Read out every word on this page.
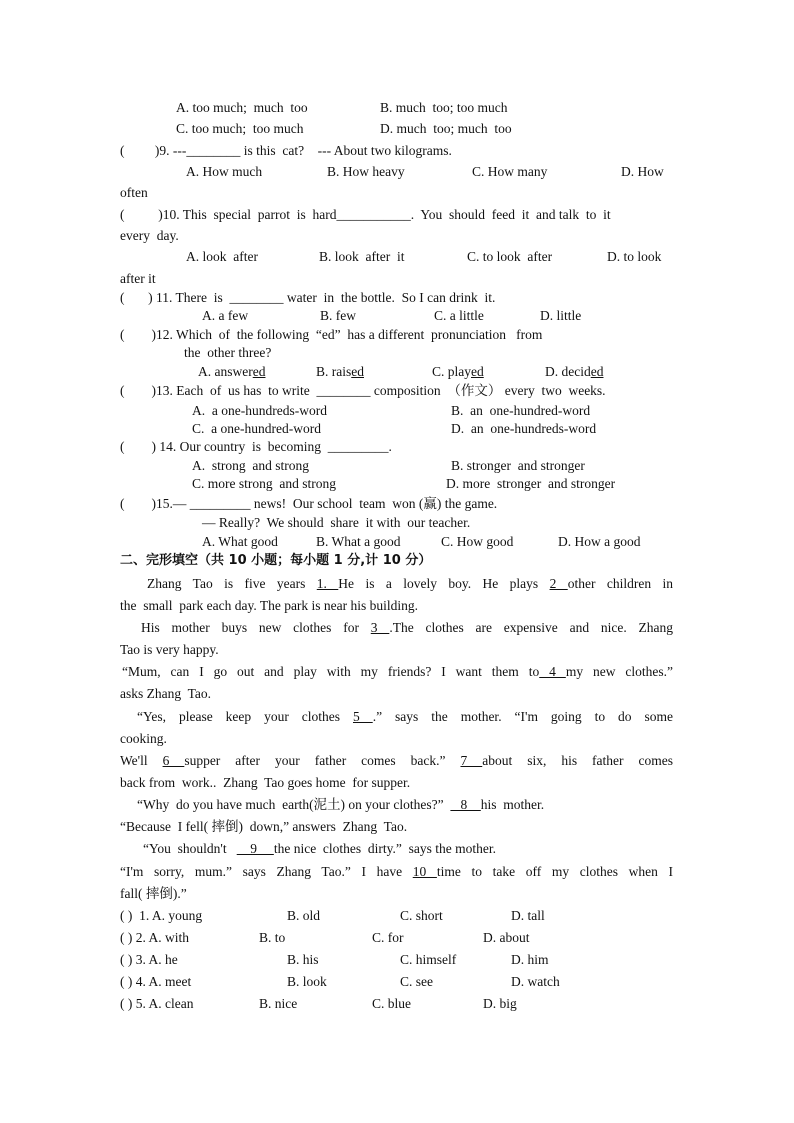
A. too much;  much  too	B. much  too; too much
C. too much;  too much	D. much  too; much  too
(         )9. ---________ is this  cat?    --- About two kilograms.
A. How much	B. How heavy	C. How many	D. How
often
(          )10. This  special  parrot  is  hard___________.  You  should  feed  it  and talk  to  it
every  day.
A. look  after	B. look  after  it	C. to look  after	D. to look
after it
(       ) 11. There  is  ________ water  in  the bottle.  So I can drink  it.
A. a few	B. few	C. a little	D. little
(        )12. Which  of  the following  “ed”  has a different  pronunciation   from
the  other three?
A. answered	B. raised	C. played	D. decided
(        )13. Each  of  us has  to write  ________ composition  （作文） every  two  weeks.
A.  a one-hundreds-word	B.  an  one-hundred-word
C.  a one-hundred-word	D.  an  one-hundreds-word
(        ) 14. Our country  is  becoming  _________.
A.  strong  and strong	B. stronger  and stronger
C. more strong  and strong	D. more  stronger  and stronger
(        )15.— _________ news!  Our school  team  won (赢) the game.
— Really?  We should  share  it with  our teacher.
A. What good	B. What a good	C. How good	D. How a good
二、完形填空（共 10 小题；每小题 1 分,计 10 分）
Zhang Tao is five years 1. He is a lovely boy. He plays 2 other children in
the  small  park each day. The park is near his building.
His mother buys new clothes for 3 .The clothes are expensive and nice. Zhang
Tao is very happy.
“Mum, can I go out and play with my friends? I want them to 4 my new clothes.”
asks Zhang  Tao.
“Yes, please keep your clothes 5 .” says the mother. “I'm going to do some
cooking.
We'll 6 supper after your father comes back.” 7 about six, his father comes
back from  work..  Zhang  Tao goes home  for supper.
“Why  do you have much  earth(泥土) on your clothes?”     8    his  mother.
“Because  I fell( 摔倒)  down,” answers  Zhang  Tao.
“You  shouldn't       9     the nice  clothes  dirty.”  says the mother.
“I'm sorry, mum.” says Zhang Tao.” I have 10 time to take off my clothes when I
fall( 摔倒).”
( )  1. A. young	B. old	C. short	D. tall
( ) 2. A. with	B. to	C. for	D. about
( ) 3. A. he	B. his	C. himself	D. him
( ) 4. A. meet	B. look	C. see	D. watch
( ) 5. A. clean	B. nice	C. blue	D. big
